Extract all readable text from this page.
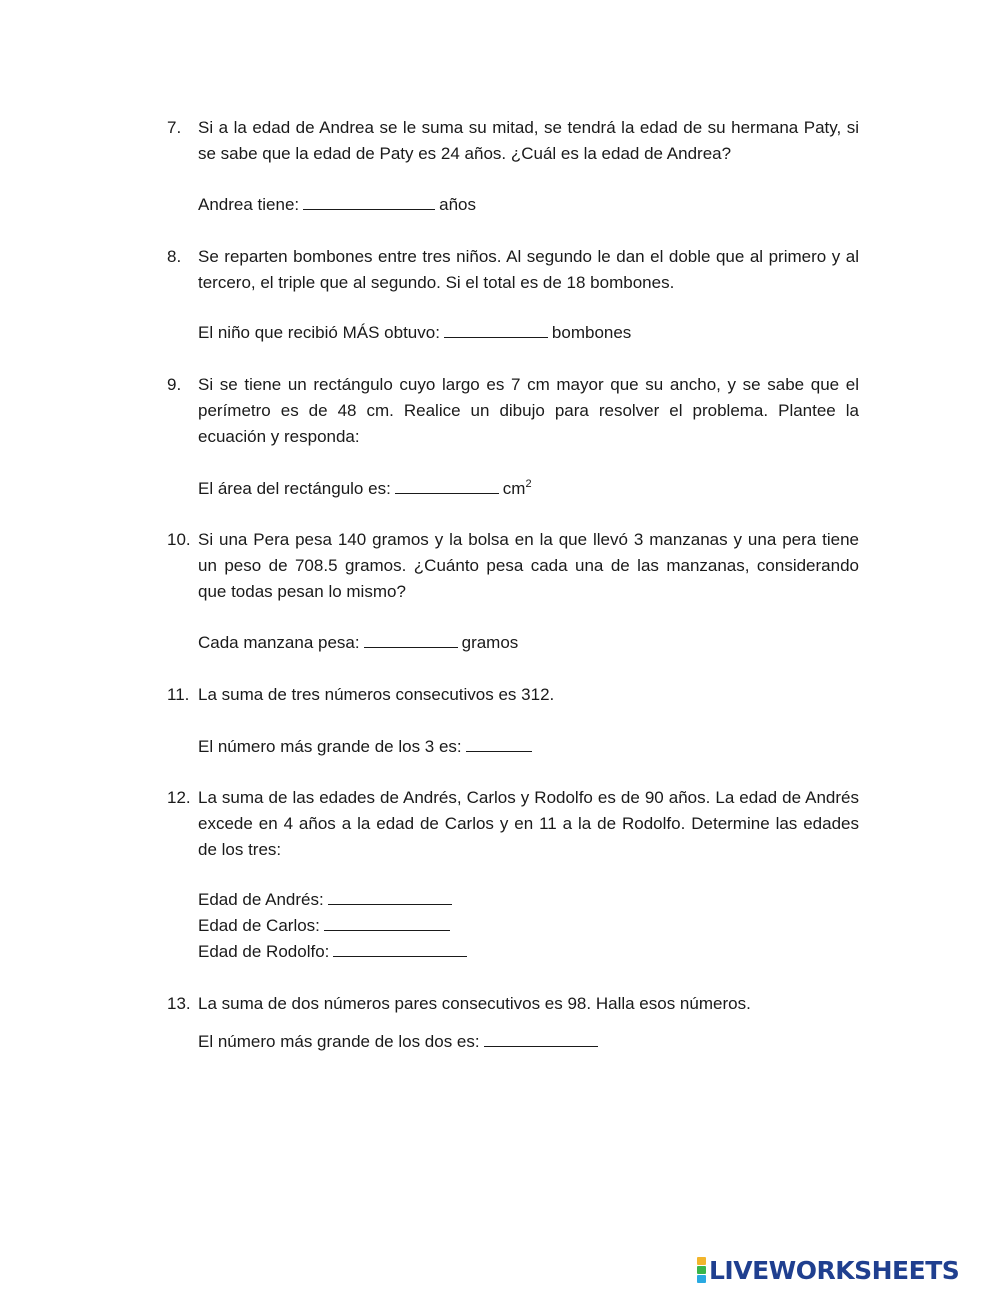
7. Si a la edad de Andrea se le suma su mitad, se tendrá la edad de su hermana Paty, si se sabe que la edad de Paty es 24 años. ¿Cuál es la edad de Andrea?
Andrea tiene:	años
8. Se reparten bombones entre tres niños. Al segundo le dan el doble que al primero y al tercero, el triple que al segundo. Si el total es de 18 bombones.
El niño que recibió MÁS obtuvo:	bombones
9. Si se tiene un rectángulo cuyo largo es 7 cm mayor que su ancho, y se sabe que el perímetro es de 48 cm. Realice un dibujo para resolver el problema. Plantee la ecuación y responda:
El área del rectángulo es:	$cm^2$
10. Si una Pera pesa 140 gramos y la bolsa en la que llevó 3 manzanas y una pera tiene un peso de 708.5 gramos. ¿Cuánto pesa cada una de las manzanas, considerando que todas pesan lo mismo?
Cada manzana pesa:	gramos
11. La suma de tres números consecutivos es 312.
El número más grande de los 3 es:
12. La suma de las edades de Andrés, Carlos y Rodolfo es de 90 años. La edad de Andrés excede en 4 años a la edad de Carlos y en 11 a la de Rodolfo. Determine las edades de los tres:
Edad de Andrés:
Edad de Carlos:
Edad de Rodolfo:
13. La suma de dos números pares consecutivos es 98. Halla esos números.
El número más grande de los dos es:
LIVEWORKSHEETS
